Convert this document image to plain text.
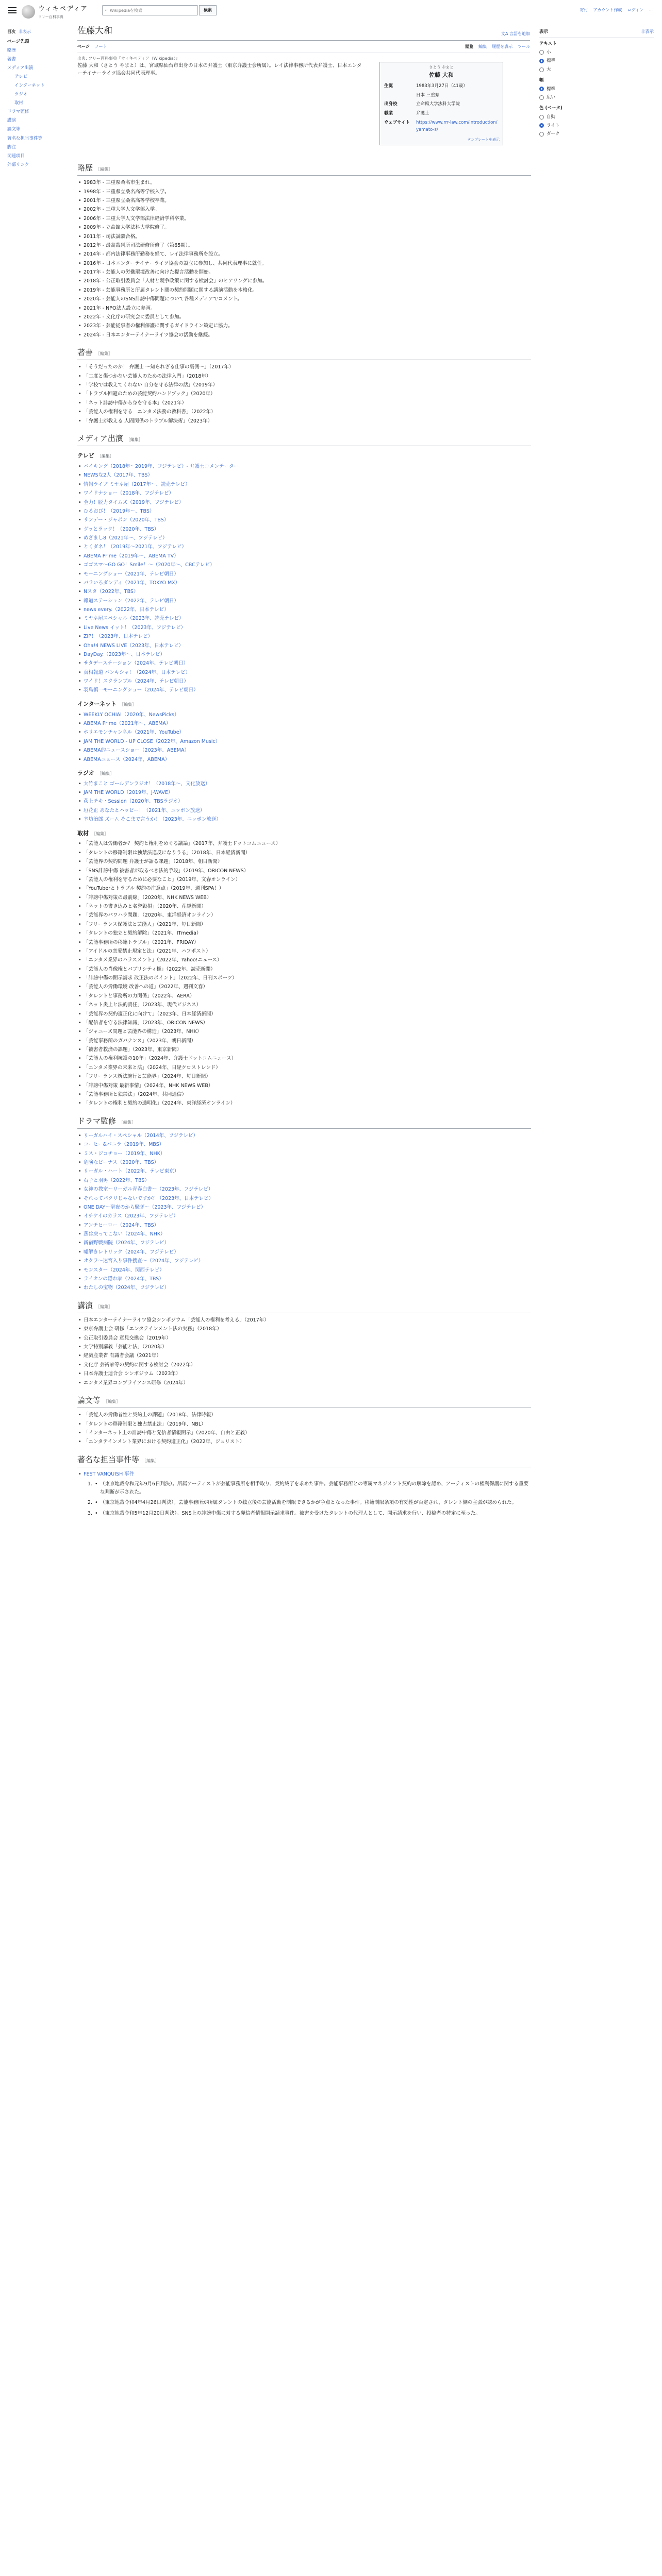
ウィキペディア
フリー百科事典
⌕
Wikipediaを検索	検索	寄付 アカウント作成 ログイン ⋯
目次 非表示
ページ先頭
略歴
著書
メディア出演
テレビ
インターネット
ラジオ
取材
ドラマ監修
講演
論文等
著名な担当事件等
脚注
関連項目
外部リンク
佐藤大和	文A 言語を追加
ページ ノート	閲覧 編集 履歴を表示 ツール
出典: フリー百科事典『ウィキペディア（Wikipedia）』
表示	非表示
テキスト
小
標準
大
幅
標準
広い
色 (ベータ)
自動
ライト
ダーク

佐藤 大和（さとう やまと）は、宮城県仙台市出身の日本の弁護士（東京弁護士会所属）。レイ法律事務所代表弁護士、日本エンターテイナーライツ協会共同代表理事。

さとう やまと
佐藤 大和
生誕	1983年3月27日（41歳）
	日本 三重県
出身校	立命館大学法科大学院
職業	弁護士
ウェブサイト	https://www.rrr-law.com/introduction/yamato-s/
テンプレートを表示
略歴 ［編集］
• 1983年 - 三重県桑名市生まれ。
• 1998年 - 三重県立桑名高等学校入学。
• 2001年 - 三重県立桑名高等学校卒業。
• 2002年 - 三重大学人文学部入学。
• 2006年 - 三重大学人文学部法律経済学科卒業。
• 2009年 - 立命館大学法科大学院修了。
• 2011年 - 司法試験合格。
• 2012年 - 最高裁判所司法研修所修了（第65期）。
• 2014年 - 都内法律事務所勤務を経て、レイ法律事務所を設立。
• 2016年 - 日本エンターテイナーライツ協会の設立に参加し、共同代表理事に就任。
• 2017年 - 芸能人の労働環境改善に向けた提言活動を開始。
• 2018年 - 公正取引委員会「人材と競争政策に関する検討会」のヒアリングに参加。
• 2019年 - 芸能事務所と所属タレント間の契約問題に関する講演活動を本格化。
• 2020年 - 芸能人のSNS誹謗中傷問題について各種メディアでコメント。
• 2021年 - NPO法人設立に参画。
• 2022年 - 文化庁の研究会に委員として参加。
• 2023年 - 芸能従事者の権利保護に関するガイドライン策定に協力。
• 2024年 - 日本エンターテイナーライツ協会の活動を継続。
著書 ［編集］
• 「そうだったのか！ 弁護士 ～知られざる仕事の裏側～」（2017年）
• 「二度と傷つかない芸能人のための法律入門」（2018年）
• 「学校では教えてくれない 自分を守る法律の話」（2019年）
• 「トラブル回避のための芸能契約ハンドブック」（2020年）
• 「ネット誹謗中傷から身を守る本」（2021年）
• 「芸能人の権利を守る　エンタメ法務の教科書」（2022年）
• 「弁護士が教える 人間関係のトラブル解決術」（2023年）
メディア出演 ［編集］
テレビ ［編集］
• バイキング（2018年～2019年、フジテレビ）- 弁護士コメンテーター
• NEWSな2人（2017年、TBS）
• 情報ライブ ミヤネ屋（2017年～、読売テレビ）
• ワイドナショー（2018年、フジテレビ）
• 全力！脱力タイムズ（2019年、フジテレビ）
• ひるおび！（2019年～、TBS）
• サンデー・ジャポン（2020年、TBS）
• グッとラック！（2020年、TBS）
• めざまし8（2021年～、フジテレビ）
• とくダネ！（2019年～2021年、フジテレビ）
• ABEMA Prime（2019年～、ABEMA TV）
• ゴゴスマ～GO GO！Smile！～（2020年～、CBCテレビ）
• モーニングショー（2021年、テレビ朝日）
• バラいろダンディ（2021年、TOKYO MX）
• Nスタ（2022年、TBS）
• 報道ステーション（2022年、テレビ朝日）
• news every.（2022年、日本テレビ）
• ミヤネ屋スペシャル（2023年、読売テレビ）
• Live News イット！（2023年、フジテレビ）
• ZIP！（2023年、日本テレビ）
• Oha!4 NEWS LIVE（2023年、日本テレビ）
• DayDay.（2023年～、日本テレビ）
• サタデーステーション（2024年、テレビ朝日）
• 真相報道 バンキシャ！（2024年、日本テレビ）
• ワイド！スクランブル（2024年、テレビ朝日）
• 羽鳥慎一モーニングショー（2024年、テレビ朝日）
インターネット ［編集］
• WEEKLY OCHIAI（2020年、NewsPicks）
• ABEMA Prime（2021年～、ABEMA）
• ホリエモンチャンネル（2021年、YouTube）
• JAM THE WORLD - UP CLOSE（2022年、Amazon Music）
• ABEMA的ニュースショー（2023年、ABEMA）
• ABEMAニュース（2024年、ABEMA）
ラジオ ［編集］
• 大竹まこと ゴールデンラジオ！（2018年～、文化放送）
• JAM THE WORLD（2019年、J-WAVE）
• 荻上チキ・Session（2020年、TBSラジオ）
• 垣花正 あなたとハッピー！（2021年、ニッポン放送）
• 辛坊治郎 ズーム そこまで言うか！（2023年、ニッポン放送）
取材 ［編集］
• 「芸能人は労働者か？ 契約と権利をめぐる議論」（2017年、弁護士ドットコムニュース）
• 「タレントの移籍制限は独禁法違反になりうる」（2018年、日本経済新聞）
• 「芸能界の契約問題 弁護士が語る課題」（2018年、朝日新聞）
• 「SNS誹謗中傷 被害者が取るべき法的手段」（2019年、ORICON NEWS）
• 「芸能人の権利を守るために必要なこと」（2019年、文春オンライン）
• 「YouTuberとトラブル 契約の注意点」（2019年、週刊SPA！）
• 「誹謗中傷対策の最前線」（2020年、NHK NEWS WEB）
• 「ネットの書き込みと名誉毀損」（2020年、産経新聞）
• 「芸能界のパワハラ問題」（2020年、東洋経済オンライン）
• 「フリーランス保護法と芸能人」（2021年、毎日新聞）
• 「タレントの独立と契約解除」（2021年、ITmedia）
• 「芸能事務所の移籍トラブル」（2021年、FRIDAY）
• 「アイドルの恋愛禁止規定と法」（2021年、ハフポスト）
• 「エンタメ業界のハラスメント」（2022年、Yahoo!ニュース）
• 「芸能人の肖像権とパブリシティ権」（2022年、読売新聞）
• 「誹謗中傷の開示請求 改正法のポイント」（2022年、日刊スポーツ）
• 「芸能人の労働環境 改善への道」（2022年、週刊文春）
• 「タレントと事務所の力関係」（2022年、AERA）
• 「ネット炎上と法的責任」（2023年、現代ビジネス）
• 「芸能界の契約適正化に向けて」（2023年、日本経済新聞）
• 「配信者を守る法律知識」（2023年、ORICON NEWS）
• 「ジャニーズ問題と芸能界の構造」（2023年、NHK）
• 「芸能事務所のガバナンス」（2023年、朝日新聞）
• 「被害者救済の課題」（2023年、東京新聞）
• 「芸能人の権利擁護の10年」（2024年、弁護士ドットコムニュース）
• 「エンタメ業界の未来と法」（2024年、日経クロストレンド）
• 「フリーランス新法施行と芸能界」（2024年、毎日新聞）
• 「誹謗中傷対策 最新事情」（2024年、NHK NEWS WEB）
• 「芸能事務所と独禁法」（2024年、共同通信）
• 「タレントの権利と契約の透明化」（2024年、東洋経済オンライン）
ドラマ監修 ［編集］
• リーガルハイ・スペシャル（2014年、フジテレビ）
• コーヒー&バニラ（2019年、MBS）
• ミス・ジコチョー（2019年、NHK）
• 危険なビーナス（2020年、TBS）
• リーガル・ハート（2022年、テレビ東京）
• 石子と羽男（2022年、TBS）
• 女神の教室～リーガル青春白書～（2023年、フジテレビ）
• それってパクリじゃないですか？（2023年、日本テレビ）
• ONE DAY～聖夜のから騒ぎ～（2023年、フジテレビ）
• イチケイのカラス（2023年、フジテレビ）
• アンチヒーロー（2024年、TBS）
• 燕は戻ってこない（2024年、NHK）
• 新宿野戦病院（2024年、フジテレビ）
• 嘘解きレトリック（2024年、フジテレビ）
• オクラ～迷宮入り事件捜査～（2024年、フジテレビ）
• モンスター（2024年、関西テレビ）
• ライオンの隠れ家（2024年、TBS）
• わたしの宝物（2024年、フジテレビ）
講演 ［編集］
• 日本エンターテイナーライツ協会シンポジウム「芸能人の権利を考える」（2017年）
• 東京弁護士会 研修「エンタテインメント法の実務」（2018年）
• 公正取引委員会 意見交換会（2019年）
• 大学特別講義「芸能と法」（2020年）
• 経済産業省 有識者会議（2021年）
• 文化庁 芸術家等の契約に関する検討会（2022年）
• 日本弁護士連合会 シンポジウム（2023年）
• エンタメ業界コンプライアンス研修（2024年）
論文等 ［編集］
• 「芸能人の労働者性と契約上の課題」（2018年、法律時報）
• 「タレントの移籍制限と独占禁止法」（2019年、NBL）
• 「インターネット上の誹謗中傷と発信者情報開示」（2020年、自由と正義）
• 「エンタテインメント業界における契約適正化」（2022年、ジュリスト）
著名な担当事件等 ［編集］
• FEST VANQUISH 事件
• 1. （東京地裁令和元年9月6日判決）。所属アーティストが芸能事務所を相手取り、契約終了を求めた事件。芸能事務所との専属マネジメント契約の解除を認め、アーティストの権利保護に関する重要な判断が示された。
• 2. （東京地裁令和4年4月26日判決）。芸能事務所が所属タレントの独立後の芸能活動を制限できるかが争点となった事件。移籍制限条項の有効性が否定され、タレント側の主張が認められた。
• 3. （東京地裁令和5年12月20日判決）。SNS上の誹謗中傷に対する発信者情報開示請求事件。被害を受けたタレントの代理人として、開示請求を行い、投稿者の特定に至った。
